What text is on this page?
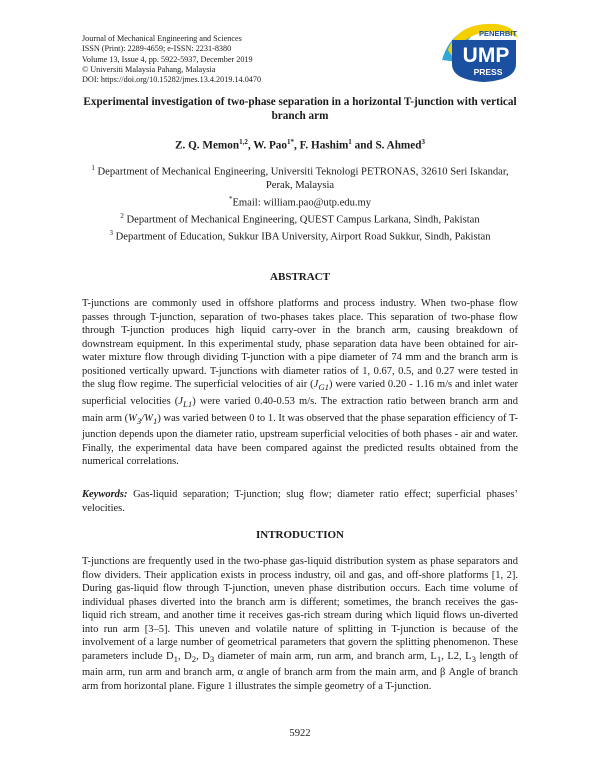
Journal of Mechanical Engineering and Sciences
ISSN (Print): 2289-4659; e-ISSN: 2231-8380
Volume 13, Issue 4, pp. 5922-5937, December 2019
© Universiti Malaysia Pahang, Malaysia
DOI: https://doi.org/10.15282/jmes.13.4.2019.14.0470
PENERBIT
UMP
PRESS
Experimental investigation of two-phase separation in a horizontal T-junction with vertical branch arm
Z. Q. Memon$^{1,2}$, W. Pao$^{1*}$, F. Hashim$^1$ and S. Ahmed$^3$
$^1$ Department of Mechanical Engineering, Universiti Teknologi PETRONAS, 32610 Seri Iskandar, Perak, Malaysia
*Email: william.pao@utp.edu.my
$^2$ Department of Mechanical Engineering, QUEST Campus Larkana, Sindh, Pakistan
$^3$ Department of Education, Sukkur IBA University, Airport Road Sukkur, Sindh, Pakistan
ABSTRACT
T-junctions are commonly used in offshore platforms and process industry. When two-phase flow passes through T-junction, separation of two-phases takes place. This separation of two-phase flow through T-junction produces high liquid carry-over in the branch arm, causing breakdown of downstream equipment. In this experimental study, phase separation data have been obtained for air-water mixture flow through dividing T-junction with a pipe diameter of 74 mm and the branch arm is positioned vertically upward. T-junctions with diameter ratios of 1, 0.67, 0.5, and 0.27 were tested in the slug flow regime. The superficial velocities of air $(J_{G1})$ were varied 0.20 - 1.16 m/s and inlet water superficial velocities $(J_{L1})$ were varied 0.40-0.53 m/s. The extraction ratio between branch arm and main arm $(W_3/W_1)$ was varied between 0 to 1. It was observed that the phase separation efficiency of T-junction depends upon the diameter ratio, upstream superficial velocities of both phases - air and water. Finally, the experimental data have been compared against the predicted results obtained from the numerical correlations.
Keywords: Gas-liquid separation; T-junction; slug flow; diameter ratio effect; superficial phases’ velocities.
INTRODUCTION
T-junctions are frequently used in the two-phase gas-liquid distribution system as phase separators and flow dividers. Their application exists in process industry, oil and gas, and off-shore platforms [1, 2]. During gas-liquid flow through T-junction, uneven phase distribution occurs. Each time volume of individual phases diverted into the branch arm is different; sometimes, the branch receives the gas-liquid rich stream, and another time it receives gas-rich stream during which liquid flows un-diverted into run arm [3–5]. This uneven and volatile nature of splitting in T-junction is because of the involvement of a large number of geometrical parameters that govern the splitting phenomenon. These parameters include $D_1$, $D_2$, $D_3$ diameter of main arm, run arm, and branch arm, $L_1$, L2, $L_3$ length of main arm, run arm and branch arm, α angle of branch arm from the main arm, and β Angle of branch arm from horizontal plane. Figure 1 illustrates the simple geometry of a T-junction.
5922
